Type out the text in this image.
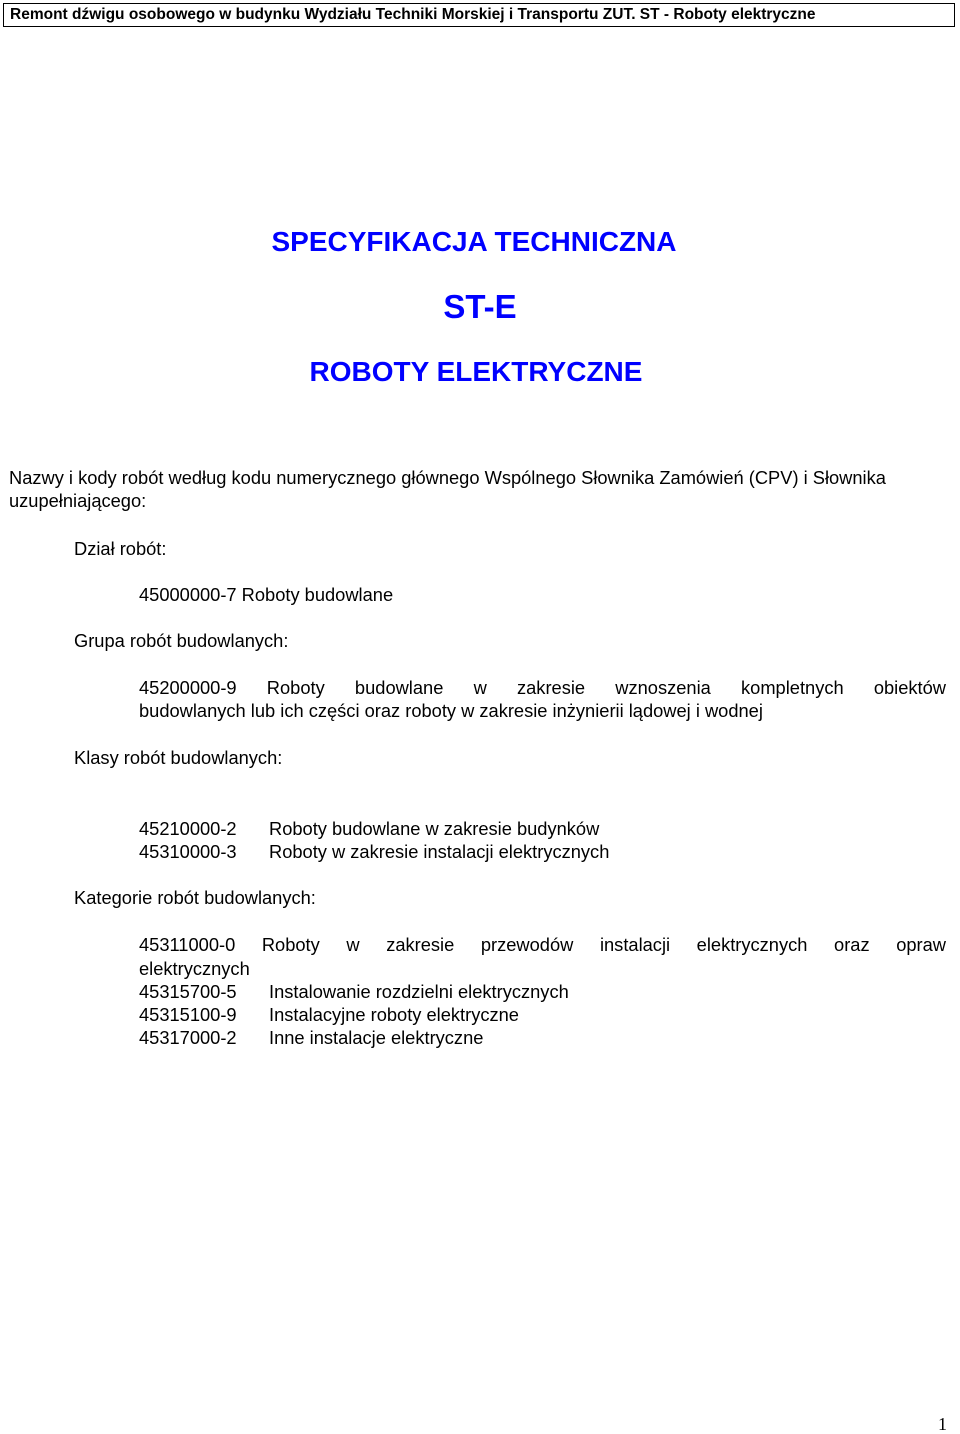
Remont dźwigu osobowego w budynku Wydziału Techniki Morskiej i Transportu ZUT. ST - Roboty elektryczne
SPECYFIKACJA TECHNICZNA
ST-E
ROBOTY ELEKTRYCZNE
Nazwy i kody robót według kodu numerycznego głównego Wspólnego Słownika Zamówień (CPV) i Słownika uzupełniającego:
Dział robót:
45000000-7 Roboty budowlane
Grupa robót budowlanych:
45200000-9 Roboty budowlane w zakresie wznoszenia kompletnych obiektów
budowlanych lub ich części oraz roboty w zakresie inżynierii lądowej i wodnej
Klasy robót budowlanych:
45210000-2 Roboty budowlane w zakresie budynków
45310000-3 Roboty w zakresie instalacji elektrycznych
Kategorie robót budowlanych:
45311000-0 Roboty w zakresie przewodów instalacji elektrycznych oraz opraw
elektrycznych
45315700-5 Instalowanie rozdzielni elektrycznych
45315100-9 Instalacyjne roboty elektryczne
45317000-2 Inne instalacje elektryczne
1
